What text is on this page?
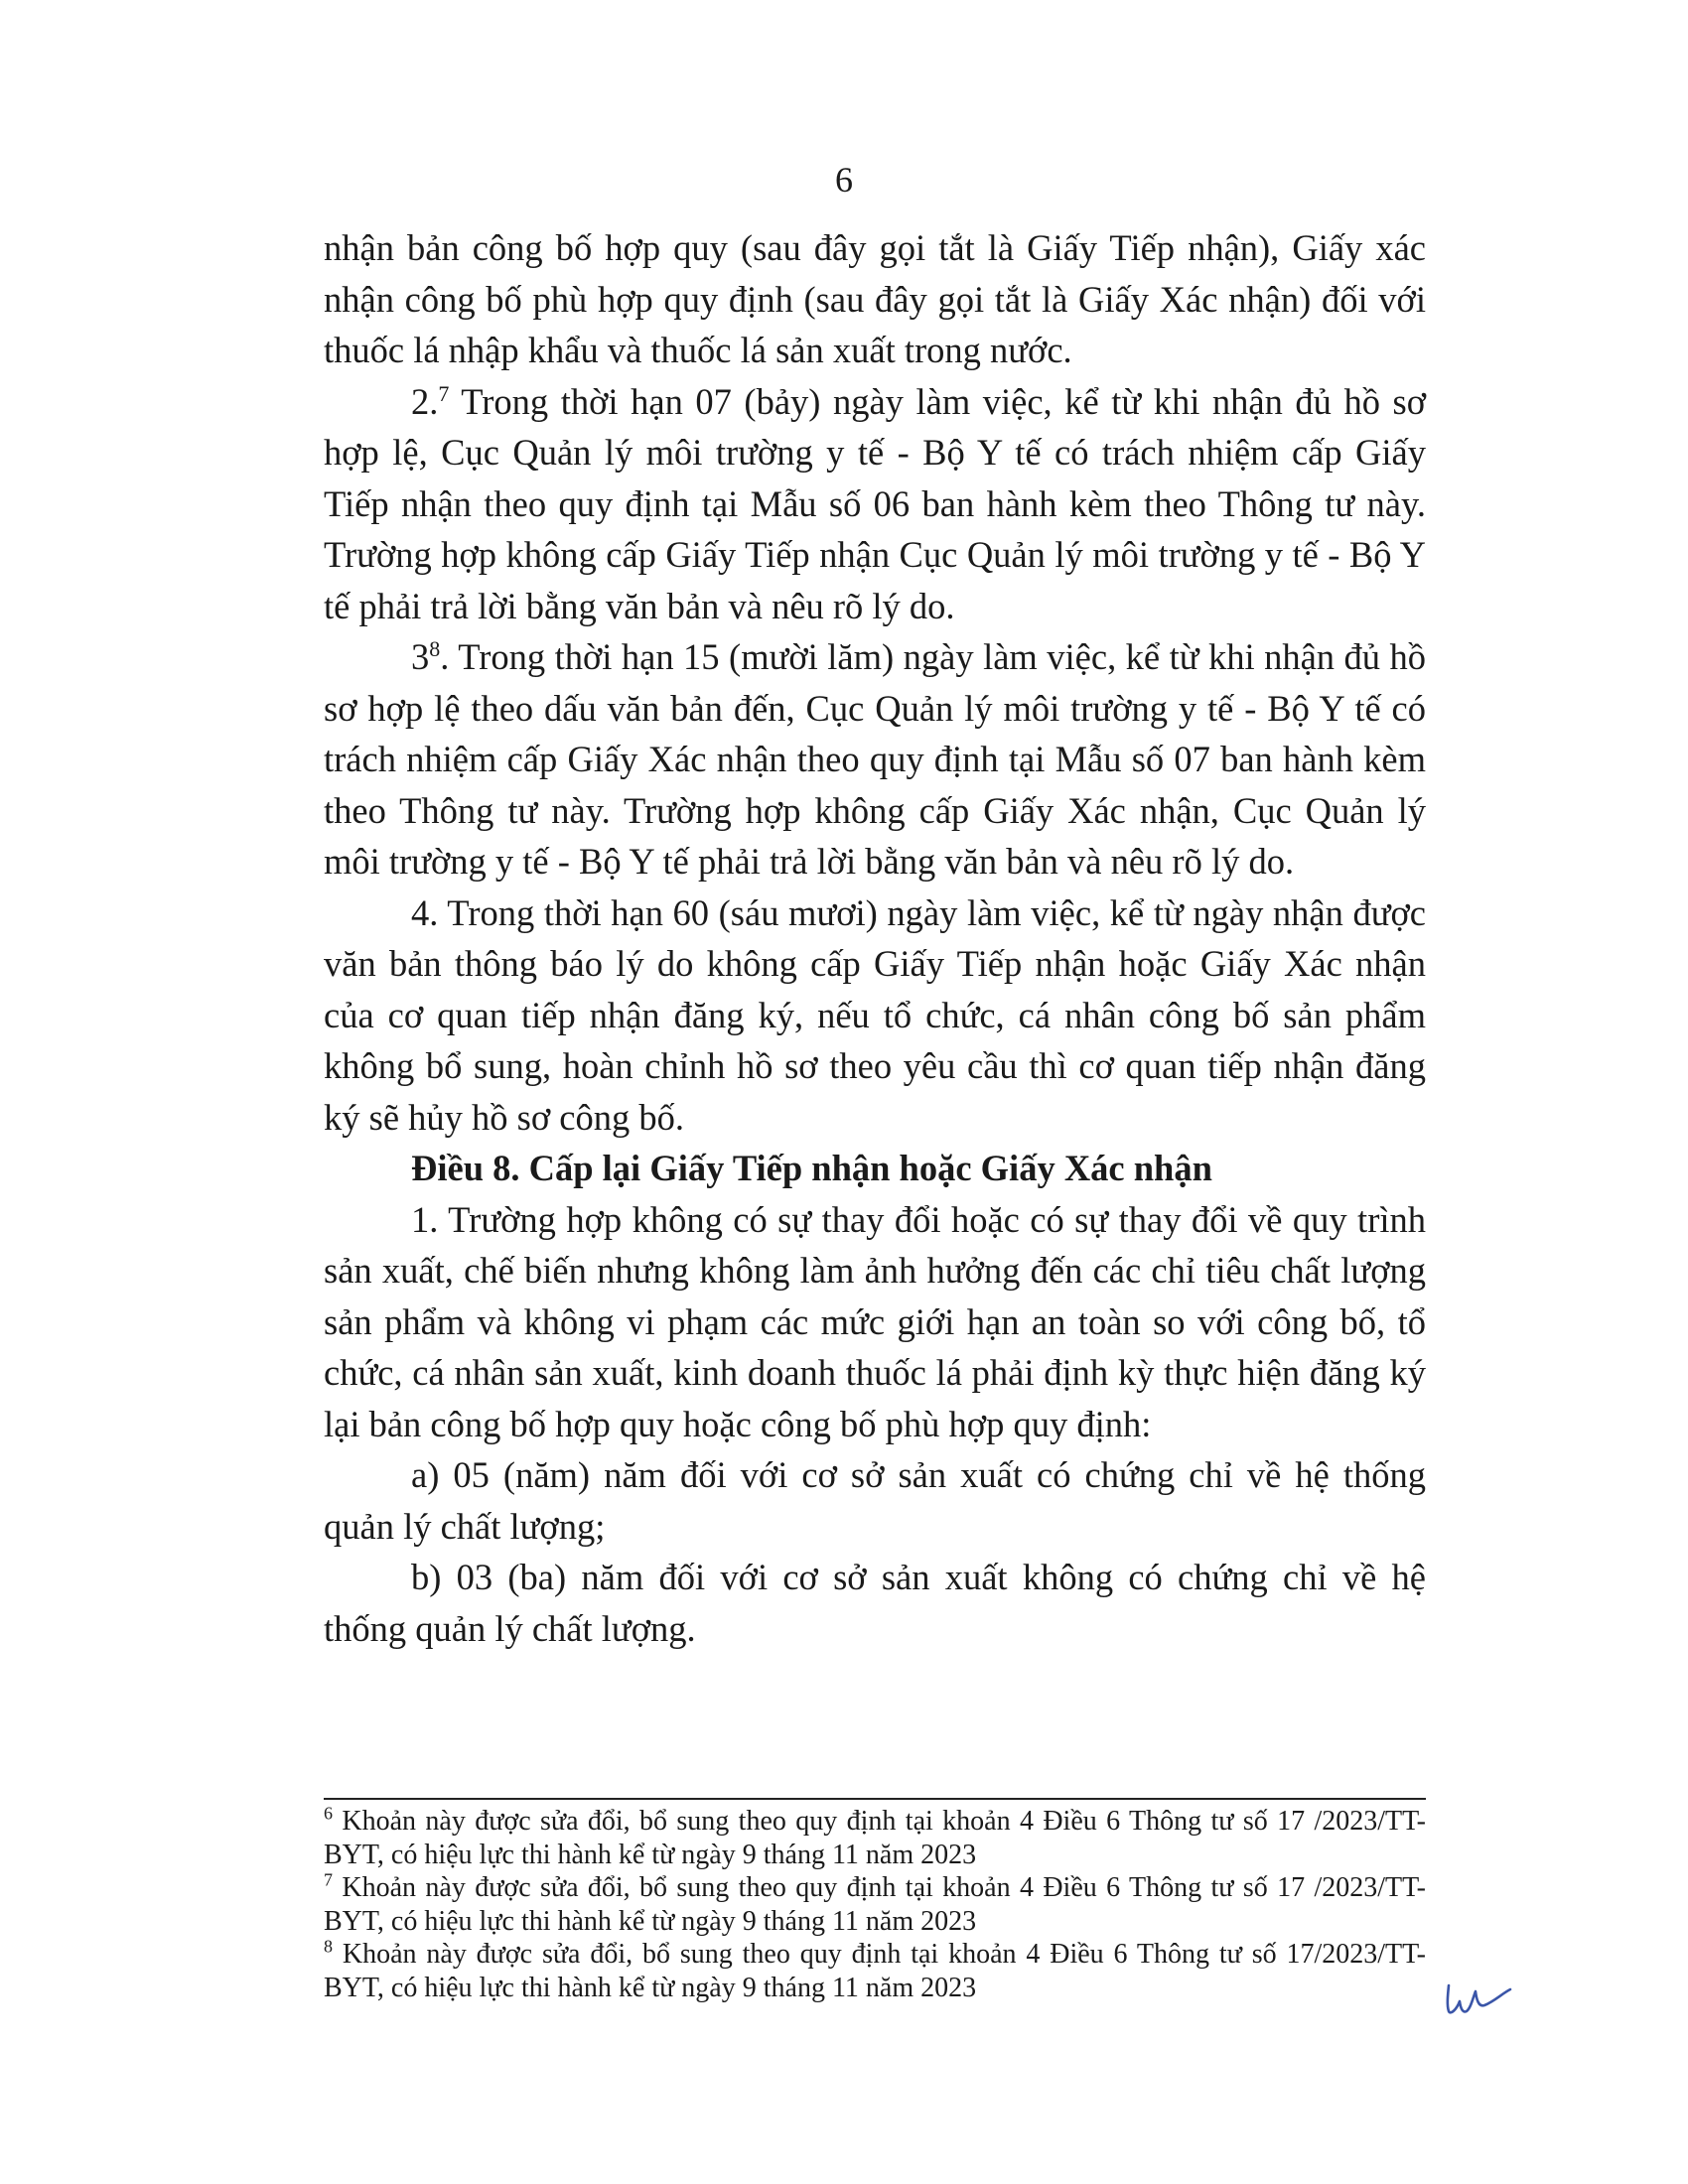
6

nhận bản công bố hợp quy (sau đây gọi tắt là Giấy Tiếp nhận), Giấy xác nhận công bố phù hợp quy định (sau đây gọi tắt là Giấy Xác nhận) đối với thuốc lá nhập khẩu và thuốc lá sản xuất trong nước.

2.$^7$ Trong thời hạn 07 (bảy) ngày làm việc, kể từ khi nhận đủ hồ sơ hợp lệ, Cục Quản lý môi trường y tế - Bộ Y tế có trách nhiệm cấp Giấy Tiếp nhận theo quy định tại Mẫu số 06 ban hành kèm theo Thông tư này. Trường hợp không cấp Giấy Tiếp nhận Cục Quản lý môi trường y tế - Bộ Y tế phải trả lời bằng văn bản và nêu rõ lý do.

$3^8$. Trong thời hạn 15 (mười lăm) ngày làm việc, kể từ khi nhận đủ hồ sơ hợp lệ theo dấu văn bản đến, Cục Quản lý môi trường y tế - Bộ Y tế có trách nhiệm cấp Giấy Xác nhận theo quy định tại Mẫu số 07 ban hành kèm theo Thông tư này. Trường hợp không cấp Giấy Xác nhận, Cục Quản lý môi trường y tế - Bộ Y tế phải trả lời bằng văn bản và nêu rõ lý do.

4. Trong thời hạn 60 (sáu mươi) ngày làm việc, kể từ ngày nhận được văn bản thông báo lý do không cấp Giấy Tiếp nhận hoặc Giấy Xác nhận của cơ quan tiếp nhận đăng ký, nếu tổ chức, cá nhân công bố sản phẩm không bổ sung, hoàn chỉnh hồ sơ theo yêu cầu thì cơ quan tiếp nhận đăng ký sẽ hủy hồ sơ công bố.

Điều 8. Cấp lại Giấy Tiếp nhận hoặc Giấy Xác nhận

1. Trường hợp không có sự thay đổi hoặc có sự thay đổi về quy trình sản xuất, chế biến nhưng không làm ảnh hưởng đến các chỉ tiêu chất lượng sản phẩm và không vi phạm các mức giới hạn an toàn so với công bố, tổ chức, cá nhân sản xuất, kinh doanh thuốc lá phải định kỳ thực hiện đăng ký lại bản công bố hợp quy hoặc công bố phù hợp quy định:

a) 05 (năm) năm đối với cơ sở sản xuất có chứng chỉ về hệ thống quản lý chất lượng;

b) 03 (ba) năm đối với cơ sở sản xuất không có chứng chỉ về hệ thống quản lý chất lượng.

$^6$ Khoản này được sửa đổi, bổ sung theo quy định tại khoản 4 Điều 6 Thông tư số 17 /2023/TT-BYT, có hiệu lực thi hành kể từ ngày 9 tháng 11 năm 2023

$^7$ Khoản này được sửa đổi, bổ sung theo quy định tại khoản 4 Điều 6 Thông tư số 17 /2023/TT-BYT, có hiệu lực thi hành kể từ ngày 9 tháng 11 năm 2023

$^8$ Khoản này được sửa đổi, bổ sung theo quy định tại khoản 4 Điều 6 Thông tư số 17/2023/TT-BYT, có hiệu lực thi hành kể từ ngày 9 tháng 11 năm 2023
